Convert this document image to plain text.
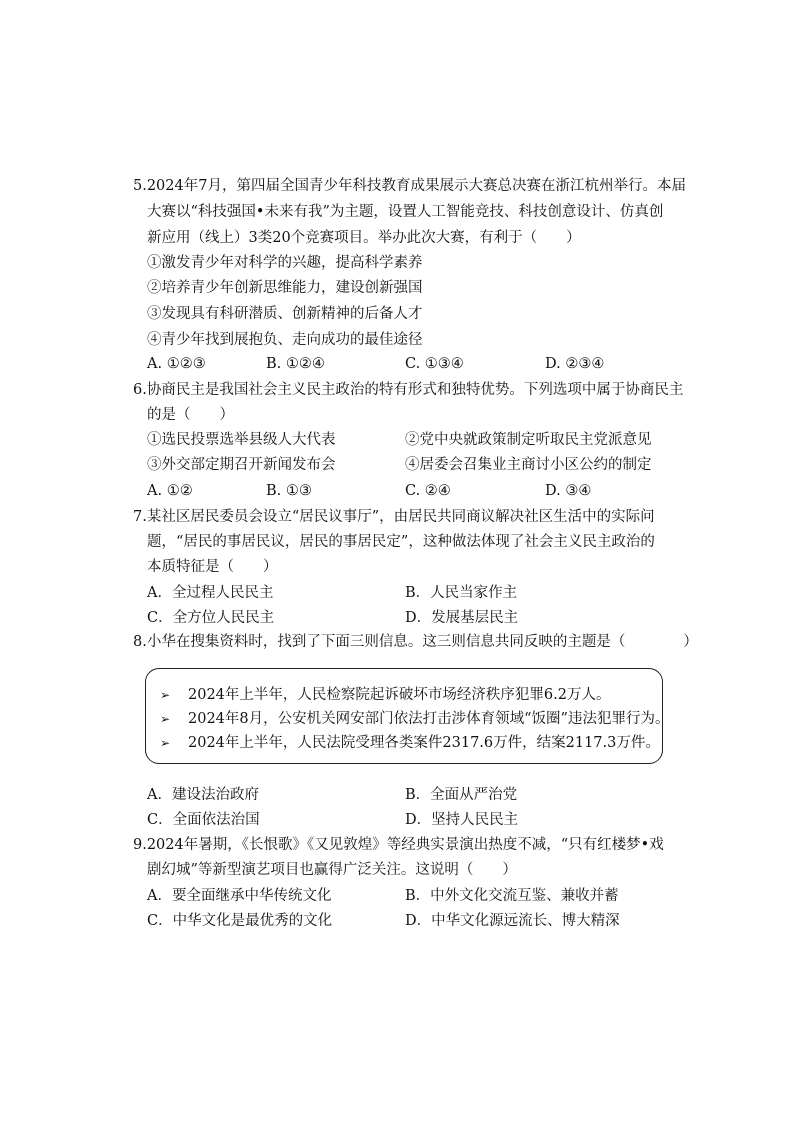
5.2024年7月，第四届全国青少年科技教育成果展示大赛总决赛在浙江杭州举行。本届
大赛以“科技强国•未来有我”为主题，设置人工智能竞技、科技创意设计、仿真创
新应用（线上）3类20个竞赛项目。举办此次大赛，有利于（　　）
①激发青少年对科学的兴趣，提高科学素养
②培养青少年创新思维能力，建设创新强国
③发现具有科研潜质、创新精神的后备人才
④青少年找到展抱负、走向成功的最佳途径
A. ①②③	B. ①②④	C. ①③④	D. ②③④
6.协商民主是我国社会主义民主政治的特有形式和独特优势。下列选项中属于协商民主
的是（　　）
①选民投票选举县级人大代表	②党中央就政策制定听取民主党派意见
③外交部定期召开新闻发布会	④居委会召集业主商讨小区公约的制定
A. ①②	B. ①③	C. ②④	D. ③④
7.某社区居民委员会设立“居民议事厅”，由居民共同商议解决社区生活中的实际问
题，“居民的事居民议，居民的事居民定”，这种做法体现了社会主义民主政治的
本质特征是（　　）
A．全过程人民民主	B．人民当家作主
C．全方位人民民主	D．发展基层民主
8.小华在搜集资料时，找到了下面三则信息。这三则信息共同反映的主题是（　　　　）
➢ 2024年上半年，人民检察院起诉破坏市场经济秩序犯罪6.2万人。
➢ 2024年8月，公安机关网安部门依法打击涉体育领域“饭圈”违法犯罪行为。
➢ 2024年上半年，人民法院受理各类案件2317.6万件，结案2117.3万件。
A．建设法治政府	B．全面从严治党
C．全面依法治国	D．坚持人民民主
9.2024年暑期，《长恨歌》《又见敦煌》等经典实景演出热度不减，“只有红楼梦•戏
剧幻城”等新型演艺项目也赢得广泛关注。这说明（　　）
A．要全面继承中华传统文化	B．中外文化交流互鉴、兼收并蓄
C．中华文化是最优秀的文化	D．中华文化源远流长、博大精深
